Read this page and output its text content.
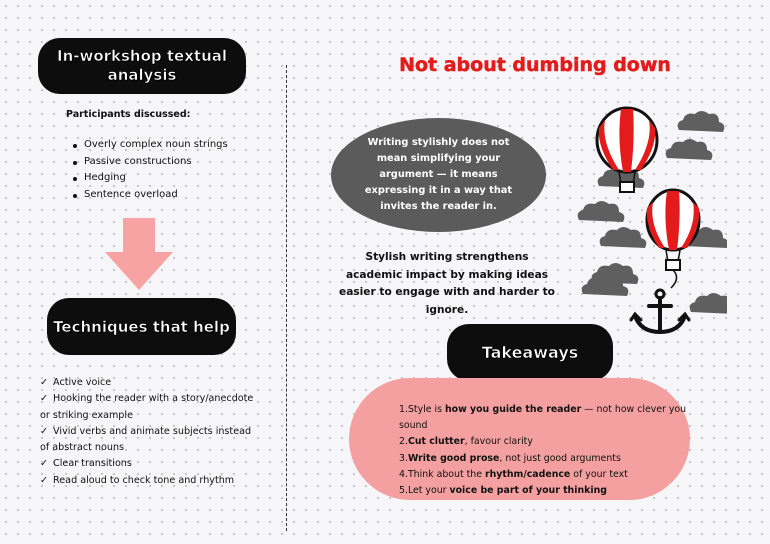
In-workshop textual analysis
Participants discussed:
Overly complex noun strings
Passive constructions
Hedging
Sentence overload
Techniques that help
✓ Active voice
✓ Hooking the reader with a story/anecdote or striking example
✓ Vivid verbs and animate subjects instead of abstract nouns
✓ Clear transitions
✓ Read aloud to check tone and rhythm
Not about dumbing down
Writing stylishly does not mean simplifying your argument — it means expressing it in a way that invites the reader in.
Stylish writing strengthens academic impact by making ideas easier to engage with and harder to ignore.
Takeaways
1.Style is how you guide the reader — not how clever you sound
2.Cut clutter, favour clarity
3.Write good prose, not just good arguments
4.Think about the rhythm/cadence of your text
5.Let your voice be part of your thinking
